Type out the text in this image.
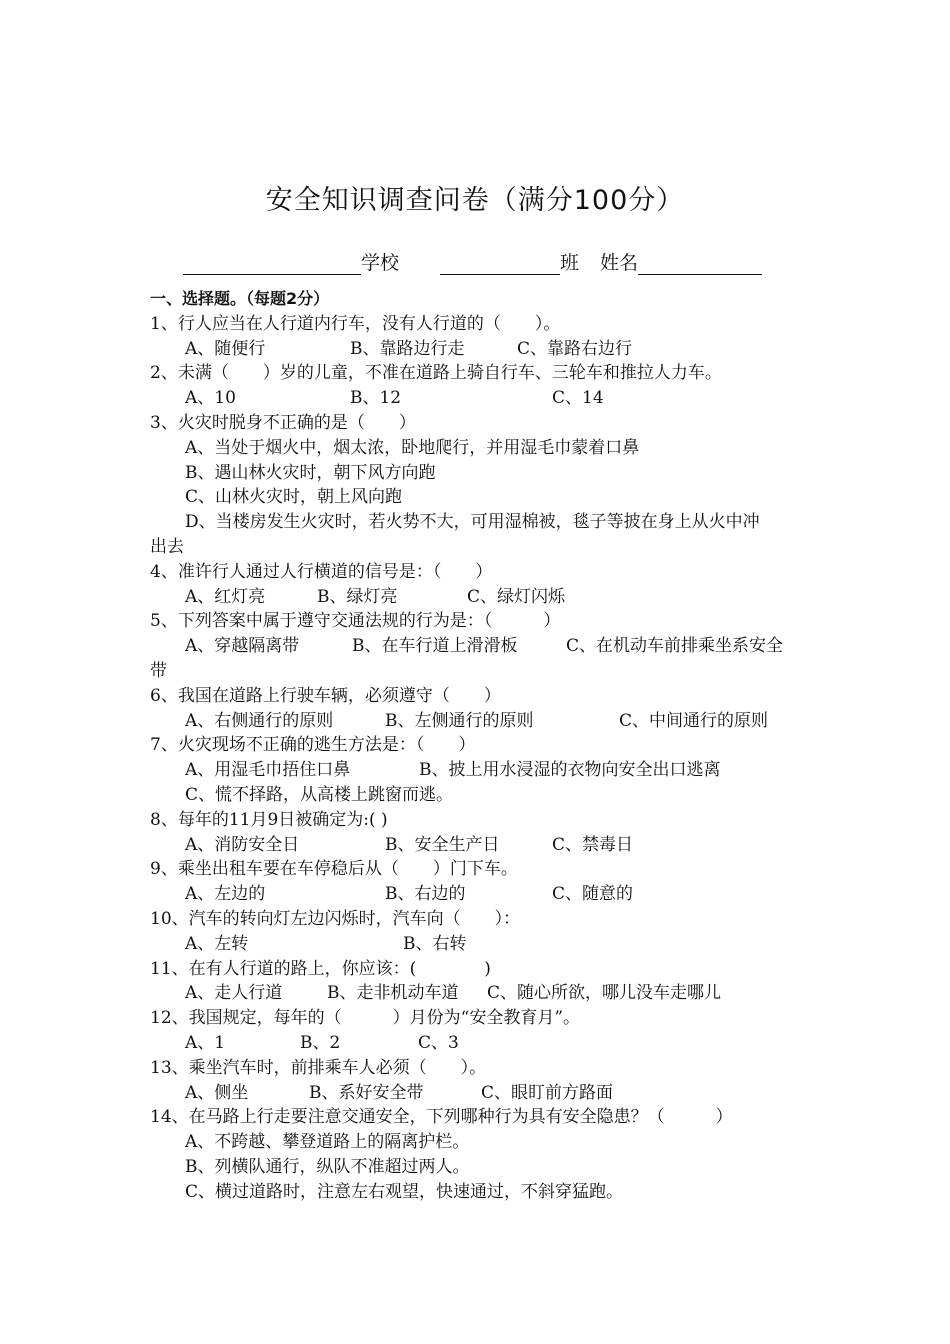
安全知识调查问卷（满分100分）
学校	班 姓名
一、选择题。（每题2分）
1、行人应当在人行道内行车，没有人行道的（　　）。
A、随便行	B、靠路边行走	C、靠路右边行
2、未满（　　）岁的儿童，不准在道路上骑自行车、三轮车和推拉人力车。
A、10	B、12	C、14
3、火灾时脱身不正确的是（　　）
A、当处于烟火中，烟太浓，卧地爬行，并用湿毛巾蒙着口鼻
B、遇山林火灾时，朝下风方向跑
C、山林火灾时，朝上风向跑
D、当楼房发生火灾时，若火势不大，可用湿棉被，毯子等披在身上从火中冲
出去
4、准许行人通过人行横道的信号是：（　　）
A、红灯亮	B、绿灯亮	C、绿灯闪烁
5、下列答案中属于遵守交通法规的行为是：（　　　）
A、穿越隔离带	B、在车行道上滑滑板	C、在机动车前排乘坐系安全
带
6、我国在道路上行驶车辆，必须遵守（　　）
A、右侧通行的原则	B、左侧通行的原则	C、中间通行的原则
7、火灾现场不正确的逃生方法是：（　　）
A、用湿毛巾捂住口鼻	B、披上用水浸湿的衣物向安全出口逃离
C、慌不择路，从高楼上跳窗而逃。
8、每年的11月9日被确定为:( )
A、消防安全日	B、安全生产日	C、禁毒日
9、乘坐出租车要在车停稳后从（　　）门下车。
A、左边的	B、右边的	C、随意的
10、汽车的转向灯左边闪烁时，汽车向（　　）：
A、左转	B、右转
11、在有人行道的路上，你应该：(　　　　)
A、走人行道	B、走非机动车道 C、随心所欲，哪儿没车走哪儿
12、我国规定，每年的（　　　）月份为“安全教育月”。
A、1	B、2	C、3
13、乘坐汽车时，前排乘车人必须（　　）。
A、侧坐	B、系好安全带	C、眼盯前方路面
14、在马路上行走要注意交通安全，下列哪种行为具有安全隐患？（　　　）
A、不跨越、攀登道路上的隔离护栏。
B、列横队通行，纵队不准超过两人。
C、横过道路时，注意左右观望，快速通过，不斜穿猛跑。
